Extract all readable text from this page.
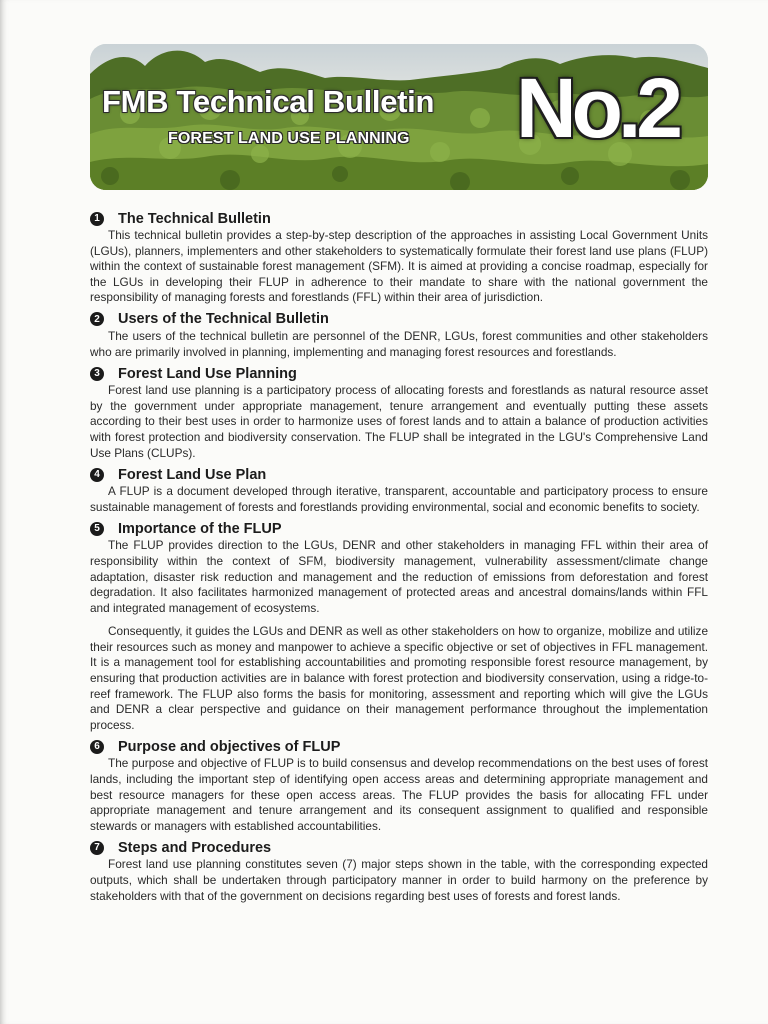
FMB Technical Bulletin
FOREST LAND USE PLANNING No.2
1 The Technical Bulletin

This technical bulletin provides a step-by-step description of the approaches in assisting Local Government Units (LGUs), planners, implementers and other stakeholders to systematically formulate their forest land use plans (FLUP) within the context of sustainable forest management (SFM). It is aimed at providing a concise roadmap, especially for the LGUs in developing their FLUP in adherence to their mandate to share with the national government the responsibility of managing forests and forestlands (FFL) within their area of jurisdiction.

2 Users of the Technical Bulletin

The users of the technical bulletin are personnel of the DENR, LGUs, forest communities and other stakeholders who are primarily involved in planning, implementing and managing forest resources and forestlands.

3 Forest Land Use Planning

Forest land use planning is a participatory process of allocating forests and forestlands as natural resource asset by the government under appropriate management, tenure arrangement and eventually putting these assets according to their best uses in order to harmonize uses of forest lands and to attain a balance of production activities with forest protection and biodiversity conservation. The FLUP shall be integrated in the LGU's Comprehensive Land Use Plans (CLUPs).

4 Forest Land Use Plan

A FLUP is a document developed through iterative, transparent, accountable and participatory process to ensure sustainable management of forests and forestlands providing environmental, social and economic benefits to society.

5 Importance of the FLUP

The FLUP provides direction to the LGUs, DENR and other stakeholders in managing FFL within their area of responsibility within the context of SFM, biodiversity management, vulnerability assessment/climate change adaptation, disaster risk reduction and management and the reduction of emissions from deforestation and forest degradation. It also facilitates harmonized management of protected areas and ancestral domains/lands within FFL and integrated management of ecosystems.

Consequently, it guides the LGUs and DENR as well as other stakeholders on how to organize, mobilize and utilize their resources such as money and manpower to achieve a specific objective or set of objectives in FFL management. It is a management tool for establishing accountabilities and promoting responsible forest resource management, by ensuring that production activities are in balance with forest protection and biodiversity conservation, using a ridge-to-reef framework. The FLUP also forms the basis for monitoring, assessment and reporting which will give the LGUs and DENR a clear perspective and guidance on their management performance throughout the implementation process.

6 Purpose and objectives of FLUP

The purpose and objective of FLUP is to build consensus and develop recommendations on the best uses of forest lands, including the important step of identifying open access areas and determining appropriate management and best resource managers for these open access areas. The FLUP provides the basis for allocating FFL under appropriate management and tenure arrangement and its consequent assignment to qualified and responsible stewards or managers with established accountabilities.

7 Steps and Procedures

Forest land use planning constitutes seven (7) major steps shown in the table, with the corresponding expected outputs, which shall be undertaken through participatory manner in order to build harmony on the preference by stakeholders with that of the government on decisions regarding best uses of forests and forest lands.
